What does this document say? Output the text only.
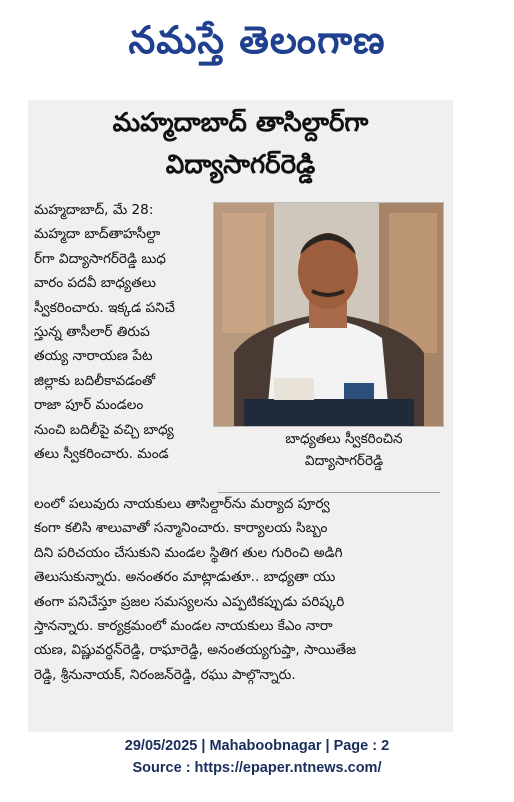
నమస్తే తెలంగాణ
మహ్మదాబాద్ తాసిల్దార్‌గా
విద్యాసాగర్‌రెడ్డి
మహ్మదాబాద్, మే 28:
మహ్మదా బాద్‌తాహసీల్దా
ర్‌గా విద్యాసాగర్‌రెడ్డి బుధ
వారం పదవీ బాధ్యతలు
స్వీకరించారు. ఇక్కడ పనిచే
స్తున్న తాసీలార్ తిరుప
తయ్య నారాయణ పేట
జిల్లాకు బదిలీకావడంతో
రాజా పూర్ మండలం
నుంచి బదిలీపై వచ్చి బాధ్య
తలు స్వీకరించారు. మండ
బాధ్యతలు స్వీకరించిన
విద్యాసాగర్‌రెడ్డి
లంలో పలువురు నాయకులు తాసిల్దార్‌ను మర్యాద పూర్వ
కంగా కలిసి శాలువాతో సన్మానించారు. కార్యాలయ సిబ్బం
దిని పరిచయం చేసుకుని మండల స్థితిగ తుల గురించి అడిగి
తెలుసుకున్నారు. అనంతరం మాట్లాడుతూ.. బాధ్యతా యు
తంగా పనిచేస్తూ ప్రజల సమస్యలను ఎప్పటికప్పుడు పరిష్కరి
స్తానన్నారు. కార్యక్రమంలో మండల నాయకులు కేఎం నారా
యణ, విష్ణువర్ధన్‌రెడ్డి, రాఘారెడ్డి, అనంతయ్యగుప్తా, సాయితేజ
రెడ్డి, శ్రీనునాయక్, నిరంజన్‌రెడ్డి, రఘు పాల్గొన్నారు.
29/05/2025 | Mahaboobnagar | Page : 2
Source : https://epaper.ntnews.com/
